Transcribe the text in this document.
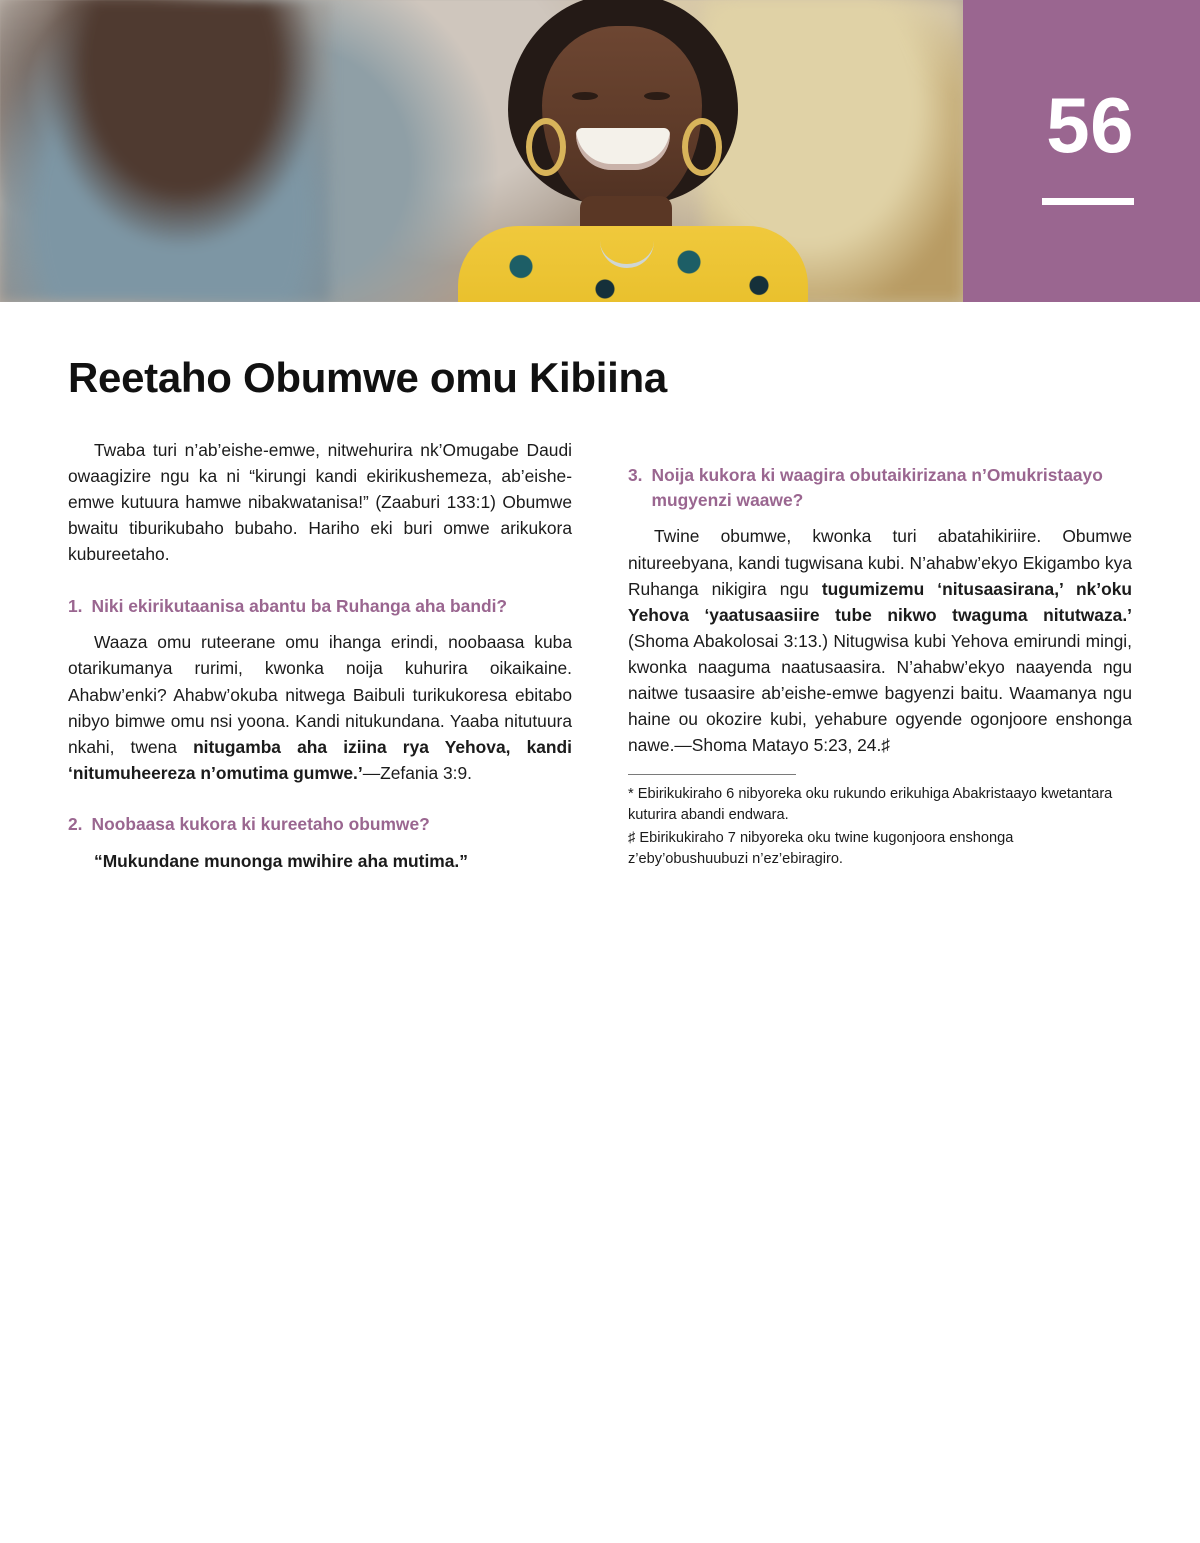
56
Reetaho Obumwe omu Kibiina

Twaba turi n’ab’eishe-emwe, nitwehurira nk’Omugabe Daudi owaagizire ngu ka ni “kirungi kandi ekirikushemeza, ab’eishe-emwe kutuura hamwe nibakwatanisa!” (Zaaburi 133:1) Obumwe bwaitu tiburikubaho bubaho. Hariho eki buri omwe arikukora kubureetaho.

1. Niki ekirikutaanisa abantu ba Ruhanga aha bandi?

Waaza omu ruteerane omu ihanga erindi, noobaasa kuba otarikumanya rurimi, kwonka noija kuhurira oikaikaine. Ahabw’enki? Ahabw’okuba nitwega Baibuli turikukoresa ebitabo nibyo bimwe omu nsi yoona. Kandi nitukundana. Yaaba nitutuura nkahi, twena nitugamba aha iziina rya Yehova, kandi ‘nitumuheereza n’omutima gumwe.’—Zefania 3:9.

2. Noobaasa kukora ki kureetaho obumwe?

“Mukundane munonga mwihire aha mutima.”

3. Noija kukora ki waagira obutaikirizana n’Omukristaayo mugyenzi waawe?

Twine obumwe, kwonka turi abatahikiriire. Obumwe nitureebyana, kandi tugwisana kubi. N’ahabw’ekyo Ekigambo kya Ruhanga nikigira ngu tugumizemu ‘nitusaasirana,’ nk’oku Yehova ‘yaatusaasiire tube nikwo twaguma nitutwaza.’ (Shoma Abakolosai 3:13.) Nitugwisa kubi Yehova emirundi mingi, kwonka naaguma naatusaasira. N’ahabw’ekyo naayenda ngu naitwe tusaasire ab’eishe-emwe bagyenzi baitu. Waamanya ngu haine ou okozire kubi, yehabure ogyende ogonjoore enshonga nawe.—Shoma Matayo 5:23, 24.♯

* Ebirikukiraho 6 nibyoreka oku rukundo erikuhiga Abakristaayo kwetantara kuturira abandi endwara.

♯ Ebirikukiraho 7 nibyoreka oku twine kugonjoora enshonga z’eby’obushuubuzi n’ez’ebiragiro.
